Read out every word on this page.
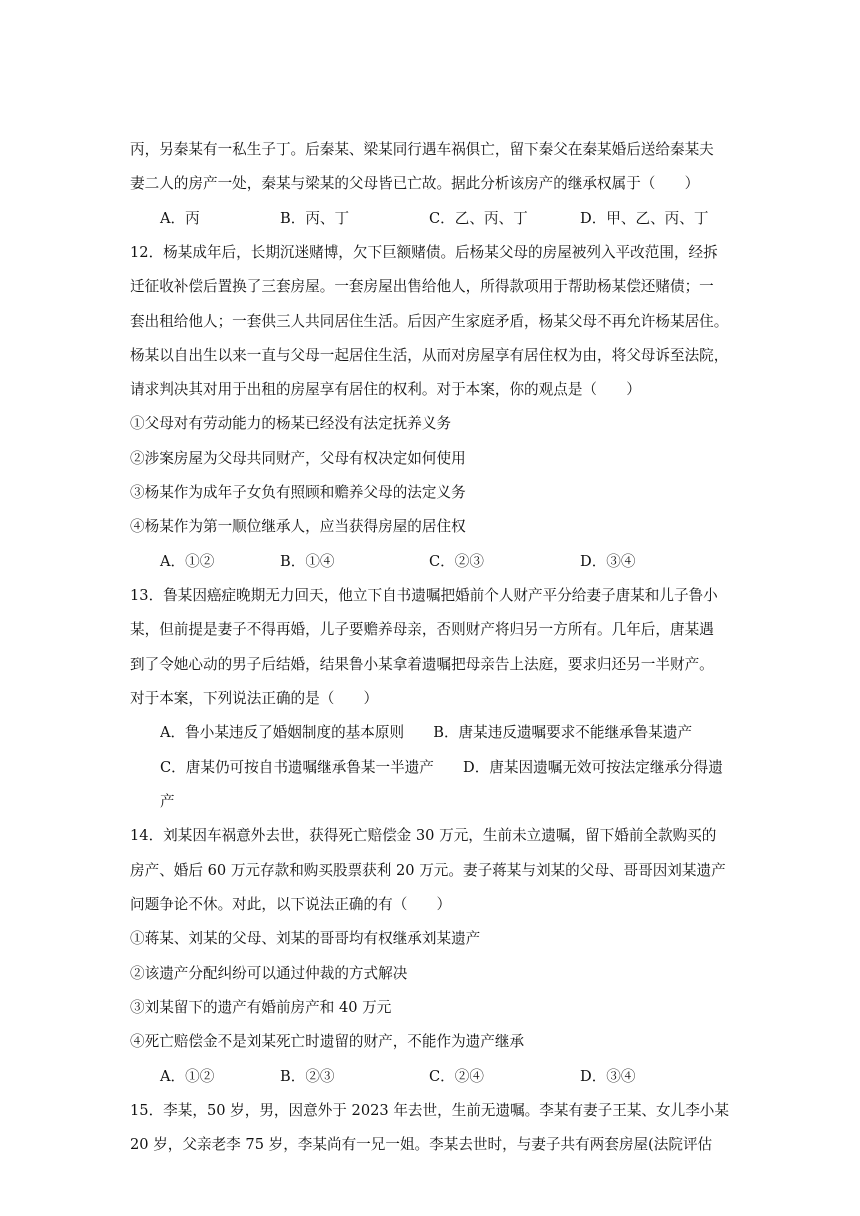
丙，另秦某有一私生子丁。后秦某、梁某同行遇车祸俱亡，留下秦父在秦某婚后送给秦某夫
妻二人的房产一处，秦某与梁某的父母皆已亡故。据此分析该房产的继承权属于（　　）
A．丙	B．丙、丁	C．乙、丙、丁	D．甲、乙、丙、丁
12．杨某成年后，长期沉迷赌博，欠下巨额赌债。后杨某父母的房屋被列入平改范围，经拆
迁征收补偿后置换了三套房屋。一套房屋出售给他人，所得款项用于帮助杨某偿还赌债；一
套出租给他人；一套供三人共同居住生活。后因产生家庭矛盾，杨某父母不再允许杨某居住。
杨某以自出生以来一直与父母一起居住生活，从而对房屋享有居住权为由，将父母诉至法院，
请求判决其对用于出租的房屋享有居住的权利。对于本案，你的观点是（　　）
①父母对有劳动能力的杨某已经没有法定抚养义务
②涉案房屋为父母共同财产，父母有权决定如何使用
③杨某作为成年子女负有照顾和赡养父母的法定义务
④杨某作为第一顺位继承人，应当获得房屋的居住权
A．①②	B．①④	C．②③	D．③④
13．鲁某因癌症晚期无力回天，他立下自书遗嘱把婚前个人财产平分给妻子唐某和儿子鲁小
某，但前提是妻子不得再婚，儿子要赡养母亲，否则财产将归另一方所有。几年后，唐某遇
到了令她心动的男子后结婚，结果鲁小某拿着遗嘱把母亲告上法庭，要求归还另一半财产。
对于本案，下列说法正确的是（　　）
A．鲁小某违反了婚姻制度的基本原则　　B．唐某违反遗嘱要求不能继承鲁某遗产
C．唐某仍可按自书遗嘱继承鲁某一半遗产　　D．唐某因遗嘱无效可按法定继承分得遗
产
14．刘某因车祸意外去世，获得死亡赔偿金 30 万元，生前未立遗嘱，留下婚前全款购买的
房产、婚后 60 万元存款和购买股票获利 20 万元。妻子蒋某与刘某的父母、哥哥因刘某遗产
问题争论不休。对此，以下说法正确的有（　　）
①蒋某、刘某的父母、刘某的哥哥均有权继承刘某遗产
②该遗产分配纠纷可以通过仲裁的方式解决
③刘某留下的遗产有婚前房产和 40 万元
④死亡赔偿金不是刘某死亡时遗留的财产，不能作为遗产继承
A．①②	B．②③	C．②④	D．③④
15．李某，50 岁，男，因意外于 2023 年去世，生前无遗嘱。李某有妻子王某、女儿李小某
20 岁，父亲老李 75 岁，李某尚有一兄一姐。李某去世时，与妻子共有两套房屋(法院评估
